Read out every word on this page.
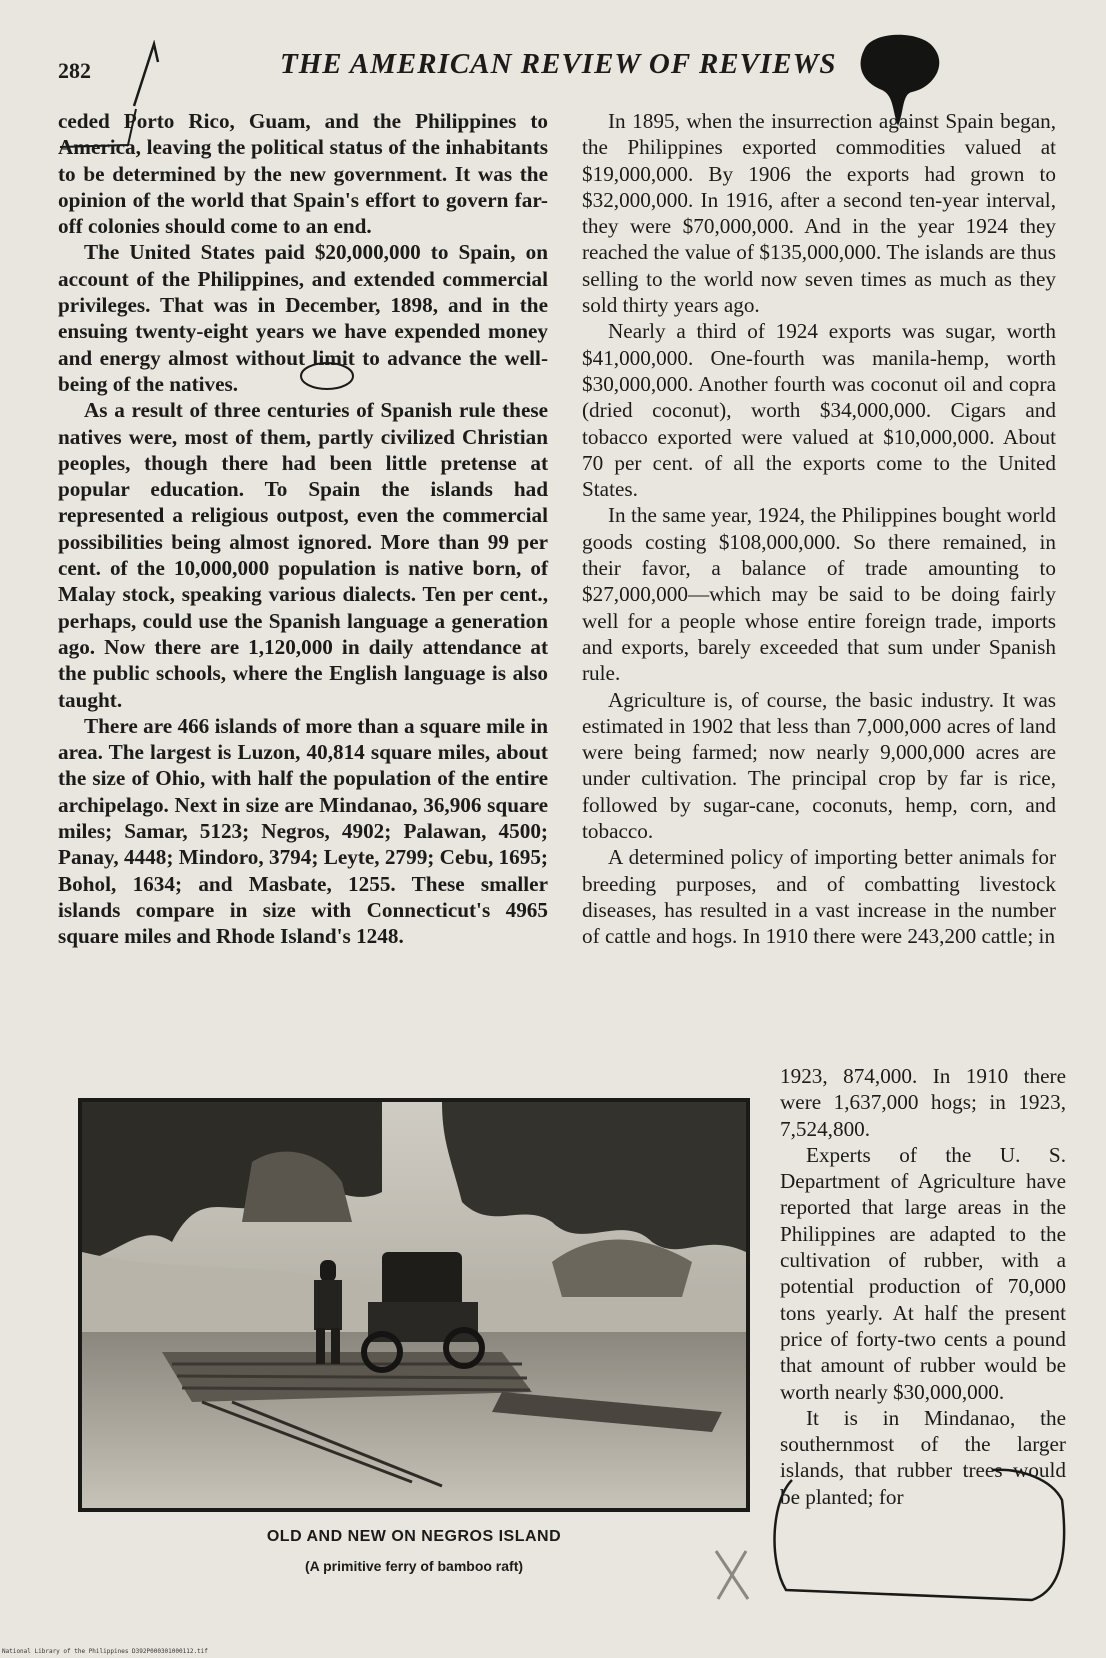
282	THE AMERICAN REVIEW OF REVIEWS

ceded Porto Rico, Guam, and the Philippines to America, leaving the political status of the inhabitants to be determined by the new government. It was the opinion of the world that Spain's effort to govern far-off colonies should come to an end.

The United States paid $20,000,000 to Spain, on account of the Philippines, and extended commercial privileges. That was in December, 1898, and in the ensuing twenty-eight years we have expended money and energy almost without limit to advance the well-being of the natives.

As a result of three centuries of Spanish rule these natives were, most of them, partly civilized Christian peoples, though there had been little pretense at popular education. To Spain the islands had represented a religious outpost, even the commercial possibilities being almost ignored. More than 99 per cent. of the 10,000,000 population is native born, of Malay stock, speaking various dialects. Ten per cent., perhaps, could use the Spanish language a generation ago. Now there are 1,120,000 in daily attendance at the public schools, where the English language is also taught.

There are 466 islands of more than a square mile in area. The largest is Luzon, 40,814 square miles, about the size of Ohio, with half the population of the entire archipelago. Next in size are Mindanao, 36,906 square miles; Samar, 5123; Negros, 4902; Palawan, 4500; Panay, 4448; Mindoro, 3794; Leyte, 2799; Cebu, 1695; Bohol, 1634; and Masbate, 1255. These smaller islands compare in size with Connecticut's 4965 square miles and Rhode Island's 1248.

In 1895, when the insurrection against Spain began, the Philippines exported commodities valued at $19,000,000. By 1906 the exports had grown to $32,000,000. In 1916, after a second ten-year interval, they were $70,000,000. And in the year 1924 they reached the value of $135,000,000. The islands are thus selling to the world now seven times as much as they sold thirty years ago.

Nearly a third of 1924 exports was sugar, worth $41,000,000. One-fourth was manila-hemp, worth $30,000,000. Another fourth was coconut oil and copra (dried coconut), worth $34,000,000. Cigars and tobacco exported were valued at $10,000,000. About 70 per cent. of all the exports come to the United States.

In the same year, 1924, the Philippines bought world goods costing $108,000,000. So there remained, in their favor, a balance of trade amounting to $27,000,000—which may be said to be doing fairly well for a people whose entire foreign trade, imports and exports, barely exceeded that sum under Spanish rule.

Agriculture is, of course, the basic industry. It was estimated in 1902 that less than 7,000,000 acres of land were being farmed; now nearly 9,000,000 acres are under cultivation. The principal crop by far is rice, followed by sugar-cane, coconuts, hemp, corn, and tobacco.

A determined policy of importing better animals for breeding purposes, and of combatting livestock diseases, has resulted in a vast increase in the number of cattle and hogs. In 1910 there were 243,200 cattle; in

1923, 874,000. In 1910 there were 1,637,000 hogs; in 1923, 7,524,800.

Experts of the U. S. Department of Agriculture have reported that large areas in the Philippines are adapted to the cultivation of rubber, with a potential production of 70,000 tons yearly. At half the present price of forty-two cents a pound that amount of rubber would be worth nearly $30,000,000.

It is in Mindanao, the southernmost of the larger islands, that rubber trees would be planted; for

OLD AND NEW ON NEGROS ISLAND
(A primitive ferry of bamboo raft)
National Library of the Philippines D392P000301000112.tif
